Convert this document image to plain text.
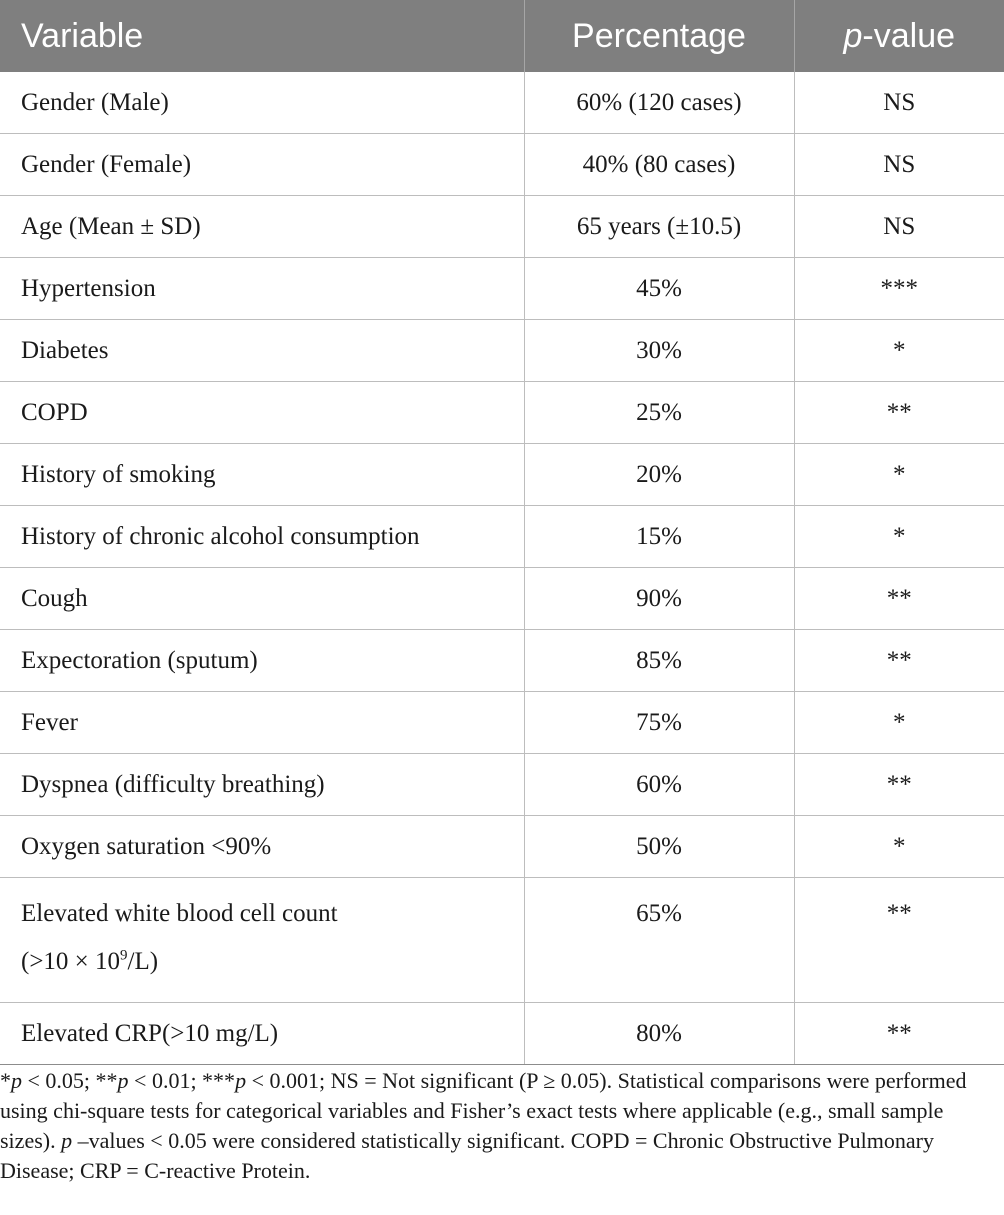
Variable	Percentage	p-value
Gender (Male)	60% (120 cases)	NS
Gender (Female)	40% (80 cases)	NS
Age (Mean ± SD)	65 years (±10.5)	NS
Hypertension	45%	***
Diabetes	30%	*
COPD	25%	**
History of smoking	20%	*
History of chronic alcohol consumption	15%	*
Cough	90%	**
Expectoration (sputum)	85%	**
Fever	75%	*
Dyspnea (difficulty breathing)	60%	**
Oxygen saturation <90%	50%	*
Elevated white blood cell count
$(>10 \times 10^9/L)$	65%	**
Elevated CRP(>10 mg/L)	80%	**

*p < 0.05; **p < 0.01; ***p < 0.001; NS = Not significant (P ≥ 0.05). Statistical comparisons were performed using chi-square tests for categorical variables and Fisher’s exact tests where applicable (e.g., small sample sizes). p –values < 0.05 were considered statistically significant. COPD = Chronic Obstructive Pulmonary Disease; CRP = C-reactive Protein.
